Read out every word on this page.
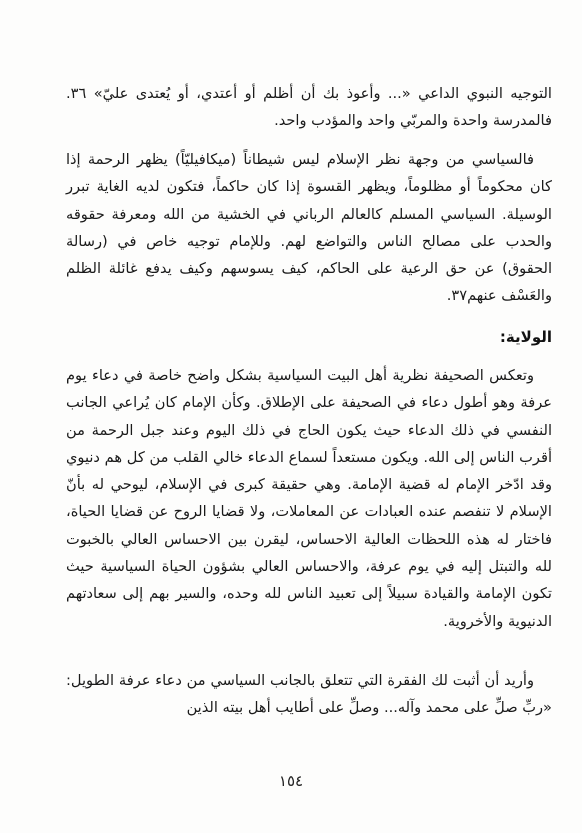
التوجيه النبوي الداعي «... وأعوذ بك أن أظلم أو أعتدي، أو يُعتدى عليّ» ٣٦. فالمدرسة واحدة والمربّي واحد والمؤدب واحد.

فالسياسي من وجهة نظر الإسلام ليس شيطاناً (ميكافيليّاً) يظهر الرحمة إذا كان محكوماً أو مظلوماً، ويظهر القسوة إذا كان حاكماً، فتكون لديه الغاية تبرر الوسيلة. السياسي المسلم كالعالم الرباني في الخشية من الله ومعرفة حقوقه والحدب على مصالح الناس والتواضع لهم. وللإمام توجيه خاص في (رسالة الحقوق) عن حق الرعية على الحاكم، كيف يسوسهم وكيف يدفع غائلة الظلم والعَسْف عنهم٣٧.

الولاية:

وتعكس الصحيفة نظرية أهل البيت السياسية بشكل واضح خاصة في دعاء يوم عرفة وهو أطول دعاء في الصحيفة على الإطلاق. وكأن الإمام كان يُراعي الجانب النفسي في ذلك الدعاء حيث يكون الحاج في ذلك اليوم وعند جبل الرحمة من أقرب الناس إلى الله. ويكون مستعداً لسماع الدعاء خالي القلب من كل هم دنيوي وقد ادّخر الإمام له قضية الإمامة. وهي حقيقة كبرى في الإسلام، ليوحي له بأنّ الإسلام لا تنفصم عنده العبادات عن المعاملات، ولا قضايا الروح عن قضايا الحياة، فاختار له هذه اللحظات العالية الاحساس، ليقرن بين الاحساس العالي بالخبوت لله والتبتل إليه في يوم عرفة، والاحساس العالي بشؤون الحياة السياسية حيث تكون الإمامة والقيادة سبيلاً إلى تعبيد الناس لله وحده، والسير بهم إلى سعادتهم الدنيوية والأخروية.

وأريد أن أثبت لك الفقرة التي تتعلق بالجانب السياسي من دعاء عرفة الطويل: «ربِّ صلِّ على محمد وآله... وصلِّ على أطايب أهل بيته الذين

١٥٤
